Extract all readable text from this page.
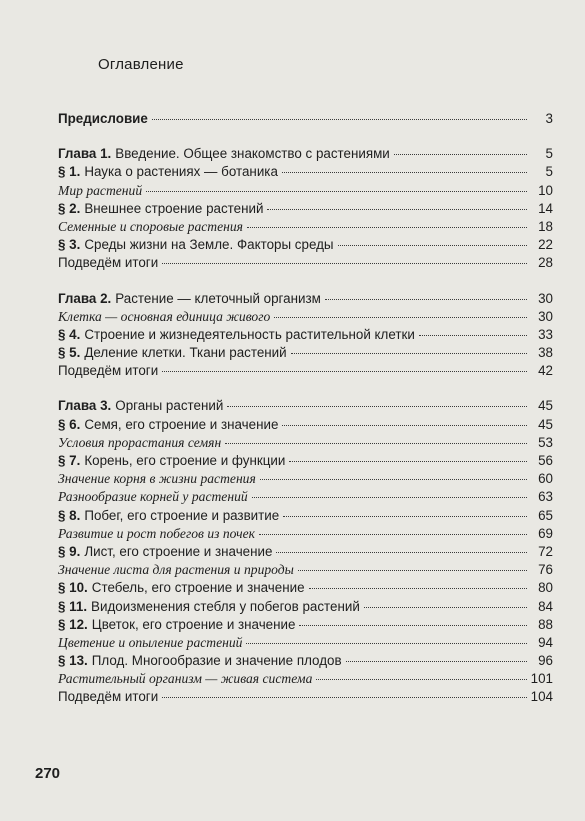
Оглавление
Предисловие	3
Глава 1. Введение. Общее знакомство с растениями	5
§ 1. Наука о растениях — ботаника	5
Мир растений	10
§ 2. Внешнее строение растений	14
Семенные и споровые растения	18
§ 3. Среды жизни на Земле. Факторы среды	22
Подведём итоги	28
Глава 2. Растение — клеточный организм	30
Клетка — основная единица живого	30
§ 4. Строение и жизнедеятельность растительной клетки	33
§ 5. Деление клетки. Ткани растений	38
Подведём итоги	42
Глава 3. Органы растений	45
§ 6. Семя, его строение и значение	45
Условия прорастания семян	53
§ 7. Корень, его строение и функции	56
Значение корня в жизни растения	60
Разнообразие корней у растений	63
§ 8. Побег, его строение и развитие	65
Развитие и рост побегов из почек	69
§ 9. Лист, его строение и значение	72
Значение листа для растения и природы	76
§ 10. Стебель, его строение и значение	80
§ 11. Видоизменения стебля у побегов растений	84
§ 12. Цветок, его строение и значение	88
Цветение и опыление растений	94
§ 13. Плод. Многообразие и значение плодов	96
Растительный организм — живая система	101
Подведём итоги	104
270
